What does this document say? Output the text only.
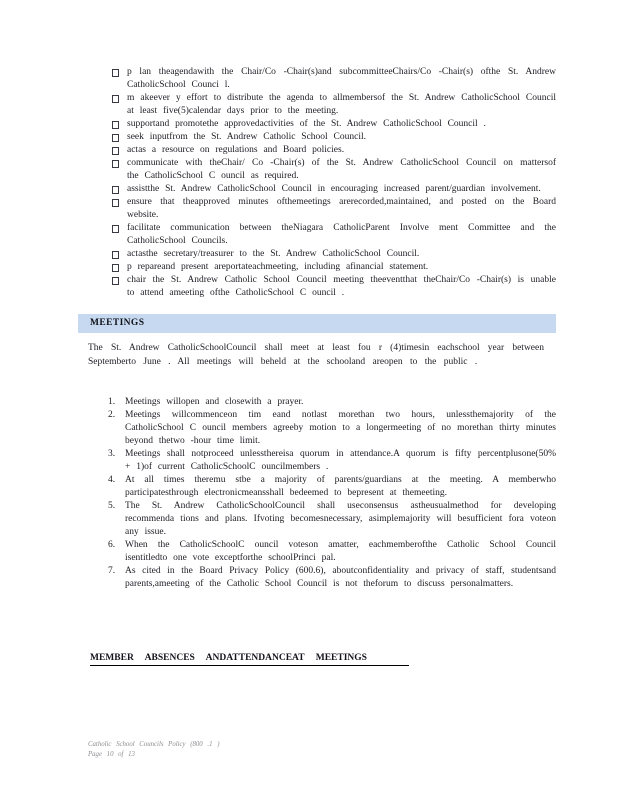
p lan theagendawith the Chair/Co -Chair(s)and subcommitteeChairs/Co -Chair(s) ofthe St. Andrew CatholicSchool Counci l.
m akeever y effort to distribute the agenda to allmembersof the St. Andrew CatholicSchool Council at least five(5)calendar days prior to the meeting.
supportand promotethe approvedactivities of the St. Andrew CatholicSchool Council .
seek inputfrom the St. Andrew Catholic School Council.
actas a resource on regulations and Board policies.
communicate with theChair/ Co -Chair(s) of the St. Andrew CatholicSchool Council on mattersof the CatholicSchool C ouncil as required.
assistthe St. Andrew CatholicSchool Council in encouraging increased parent/guardian involvement.
ensure that theapproved minutes ofthemeetings arerecorded,maintained, and posted on the Board website.
facilitate communication between theNiagara CatholicParent Involve ment Committee and the CatholicSchool Councils.
actasthe secretary/treasurer to the St. Andrew CatholicSchool Council.
p repareand present areportateachmeeting, including afinancial statement.
chair the St. Andrew Catholic School Council meeting theeventthat theChair/Co -Chair(s) is unable to attend ameeting ofthe CatholicSchool C ouncil .
MEETINGS

The St. Andrew CatholicSchoolCouncil shall meet at least fou r (4)timesin eachschool year between Septemberto June . All meetings will beheld at the schooland areopen to the public .

1.	Meetings willopen and closewith a prayer.
2.	Meetings willcommenceon tim eand notlast morethan two hours, unlessthemajority of the CatholicSchool C ouncil members agreeby motion to a longermeeting of no morethan thirty minutes beyond thetwo -hour time limit.
3.	Meetings shall notproceed unlessthereisa quorum in attendance.A quorum is fifty percentplusone(50% + 1)of current CatholicSchoolC ouncilmembers .
4.	At all times theremu stbe a majority of parents/guardians at the meeting. A memberwho participatesthrough electronicmeansshall bedeemed to bepresent at themeeting.
5.	The St. Andrew CatholicSchoolCouncil shall useconsensus astheusualmethod for developing recommenda tions and plans. Ifvoting becomesnecessary, asimplemajority will besufficient fora voteon any issue.
6.	When the CatholicSchoolC ouncil voteson amatter, eachmemberofthe Catholic School Council isentitledto one vote exceptforthe schoolPrinci pal.
7.	As cited in the Board Privacy Policy (600.6), aboutconfidentiality and privacy of staff, studentsand parents,ameeting of the Catholic School Council is not theforum to discuss personalmatters.
MEMBER ABSENCES ANDATTENDANCEAT MEETINGS
Catholic School Councils Policy (800 .1 )
Page 10 of 13
